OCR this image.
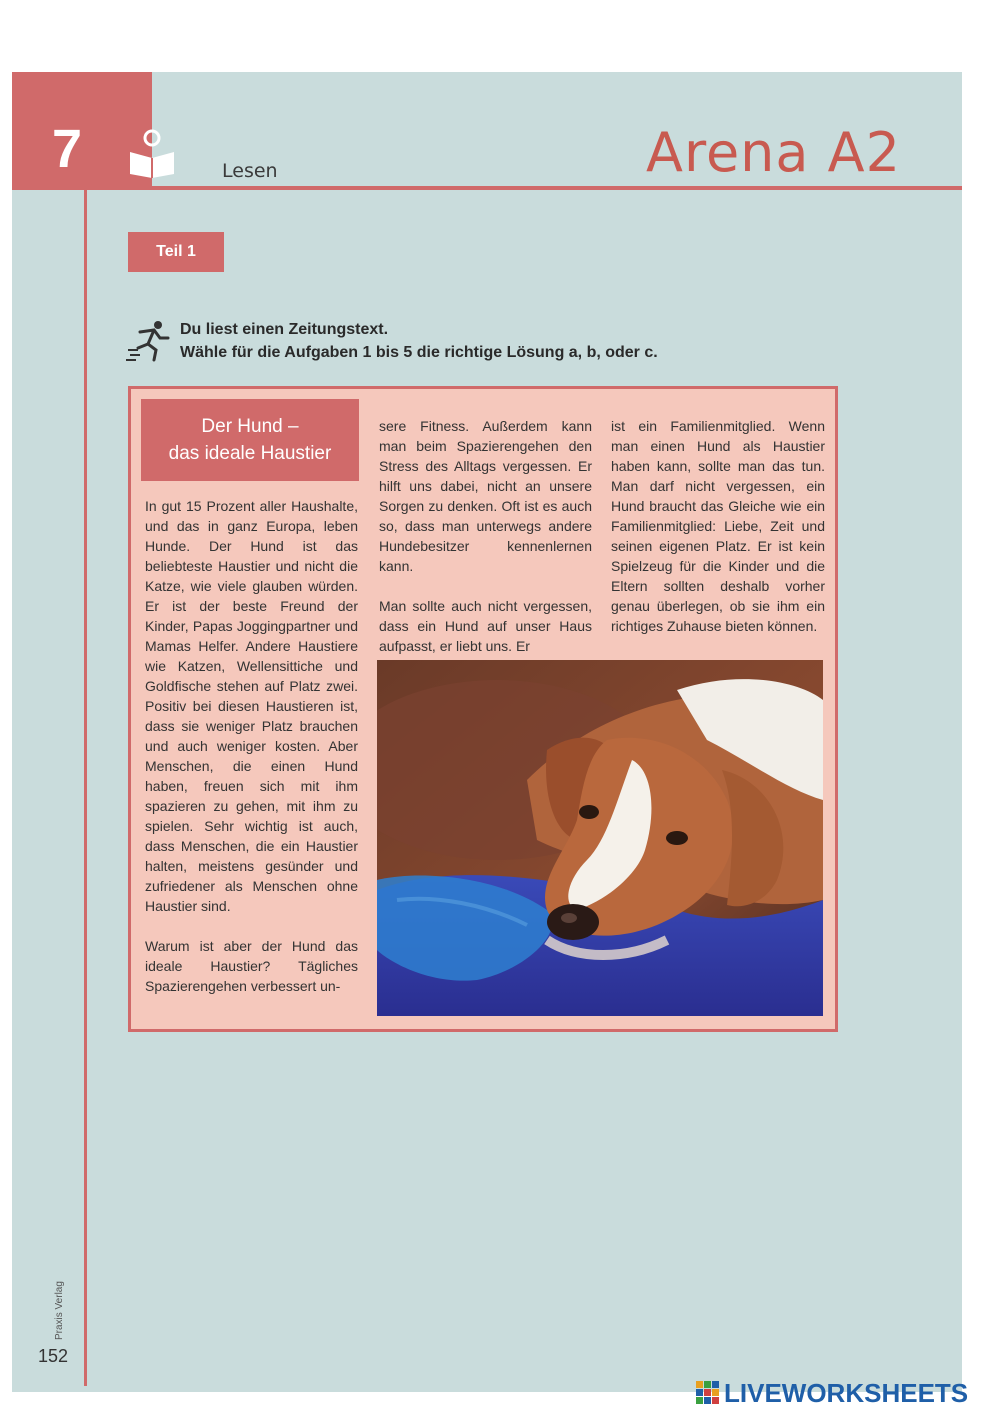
7	Lesen	Arena A2
Teil 1
Du liest einen Zeitungstext.
Wähle für die Aufgaben 1 bis 5 die richtige Lösung a, b, oder c.
Der Hund –
das ideale Haustier

In gut 15 Prozent aller Haushalte, und das in ganz Europa, leben Hunde. Der Hund ist das beliebteste Haustier und nicht die Katze, wie viele glauben würden. Er ist der beste Freund der Kinder, Papas Joggingpartner und Mamas Helfer. Andere Haustiere wie Katzen, Wellensittiche und Goldfische stehen auf Platz zwei. Positiv bei diesen Haustieren ist, dass sie weniger Platz brauchen und auch weniger kosten. Aber Menschen, die einen Hund haben, freuen sich mit ihm spazieren zu gehen, mit ihm zu spielen. Sehr wichtig ist auch, dass Menschen, die ein Haustier halten, meistens gesünder und zufriedener als Menschen ohne Haustier sind.

Warum ist aber der Hund das ideale Haustier? Tägliches Spazierengehen verbessert un-

sere Fitness. Außerdem kann man beim Spazierengehen den Stress des Alltags vergessen. Er hilft uns dabei, nicht an unsere Sorgen zu denken. Oft ist es auch so, dass man unterwegs andere Hundebesitzer kennenlernen kann.

Man sollte auch nicht vergessen, dass ein Hund auf unser Haus aufpasst, er liebt uns. Er

ist ein Familienmitglied. Wenn man einen Hund als Haustier haben kann, sollte man das tun. Man darf nicht vergessen, ein Hund braucht das Gleiche wie ein Familienmitglied: Liebe, Zeit und seinen eigenen Platz. Er ist kein Spielzeug für die Kinder und die Eltern sollten deshalb vorher genau überlegen, ob sie ihm ein richtiges Zuhause bieten können.

Praxis Verlag
152
LIVEWORKSHEETS
